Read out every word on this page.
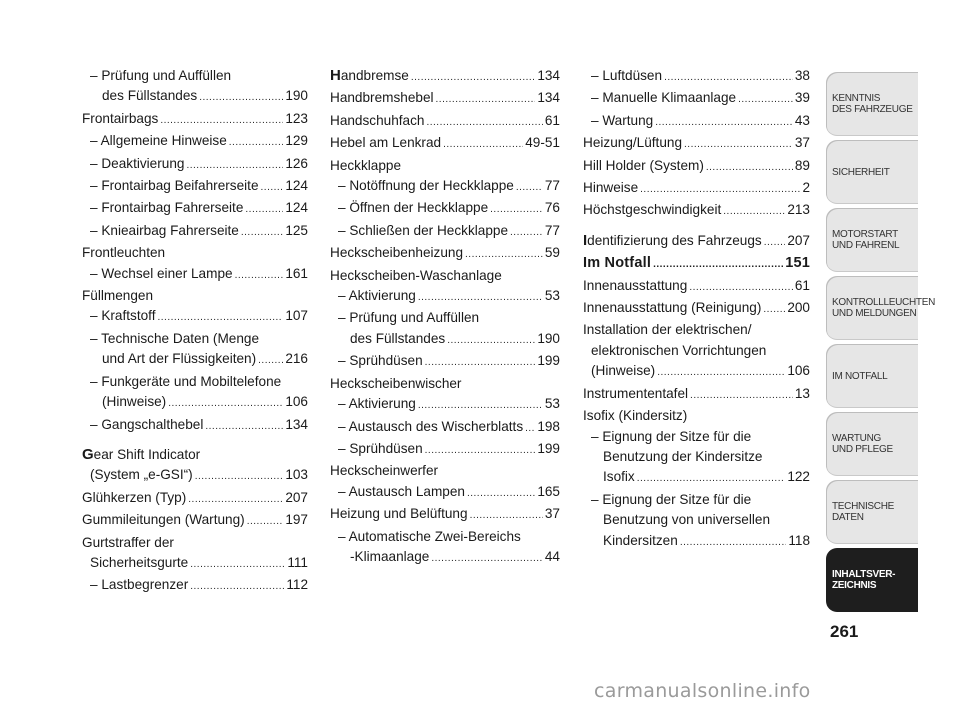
– Prüfung und Auffüllen
des Füllstandes .....	190
Frontairbags .....	123
– Allgemeine Hinweise .....	129
– Deaktivierung .....	126
– Frontairbag Beifahrerseite ..... 124
– Frontairbag Fahrerseite .....	124
– Knieairbag Fahrerseite .....	125
Frontleuchten
– Wechsel einer Lampe .....	161
Füllmengen
– Kraftstoff .....	107
– Technische Daten (Menge
und Art der Flüssigkeiten) ..... 216
– Funkgeräte und Mobiltelefone
(Hinweise) .....	106
– Gangschalthebel .....	134
Gear Shift Indicator
(System „e-GSI“) .....	103
Glühkerzen (Typ) .....	207
Gummileitungen (Wartung) .....	197
Gurtstraffer der
Sicherheitsgurte .....	111
– Lastbegrenzer .....	112
Handbremse .....	134
Handbremshebel .....	134
Handschuhfach .....	61
Hebel am Lenkrad .....	49-51
Heckklappe
– Notöffnung der Heckklappe ..... 77
– Öffnen der Heckklappe .....	76
– Schließen der Heckklappe .....	77
Heckscheibenheizung .....	59
Heckscheiben-Waschanlage
– Aktivierung .....	53
– Prüfung und Auffüllen
des Füllstandes .....	190
– Sprühdüsen .....	199
Heckscheibenwischer
– Aktivierung .....	53
– Austausch des Wischerblatts ..... 198
– Sprühdüsen .....	199
Heckscheinwerfer
– Austausch Lampen .....	165
Heizung und Belüftung .....	37
– Automatische Zwei-Bereichs
-Klimaanlage .....	44
– Luftdüsen .....	38
– Manuelle Klimaanlage .....	39
– Wartung .....	43
Heizung/Lüftung .....	37
Hill Holder (System) .....	89
Hinweise .....	2
Höchstgeschwindigkeit .....	213
Identifizierung des Fahrzeugs ..... 207
Im Notfall .....	151
Innenausstattung .....	61
Innenausstattung (Reinigung) ..... 200
Installation der elektrischen/
elektronischen Vorrichtungen
(Hinweise) .....	106
Instrumententafel .....	13
Isofix (Kindersitz)
– Eignung der Sitze für die
Benutzung der Kindersitze
Isofix .....	122
– Eignung der Sitze für die
Benutzung von universellen
Kindersitzen .....	118
KENNTNIS
DES FAHRZEUGE
SICHERHEIT
MOTORSTART
UND FAHRENL
KONTROLLLEUCHTEN
UND MELDUNGEN
IM NOTFALL
WARTUNG
UND PFLEGE
TECHNISCHE
DATEN
INHALTSVER-
ZEICHNIS
261
carmanualsonline.info
